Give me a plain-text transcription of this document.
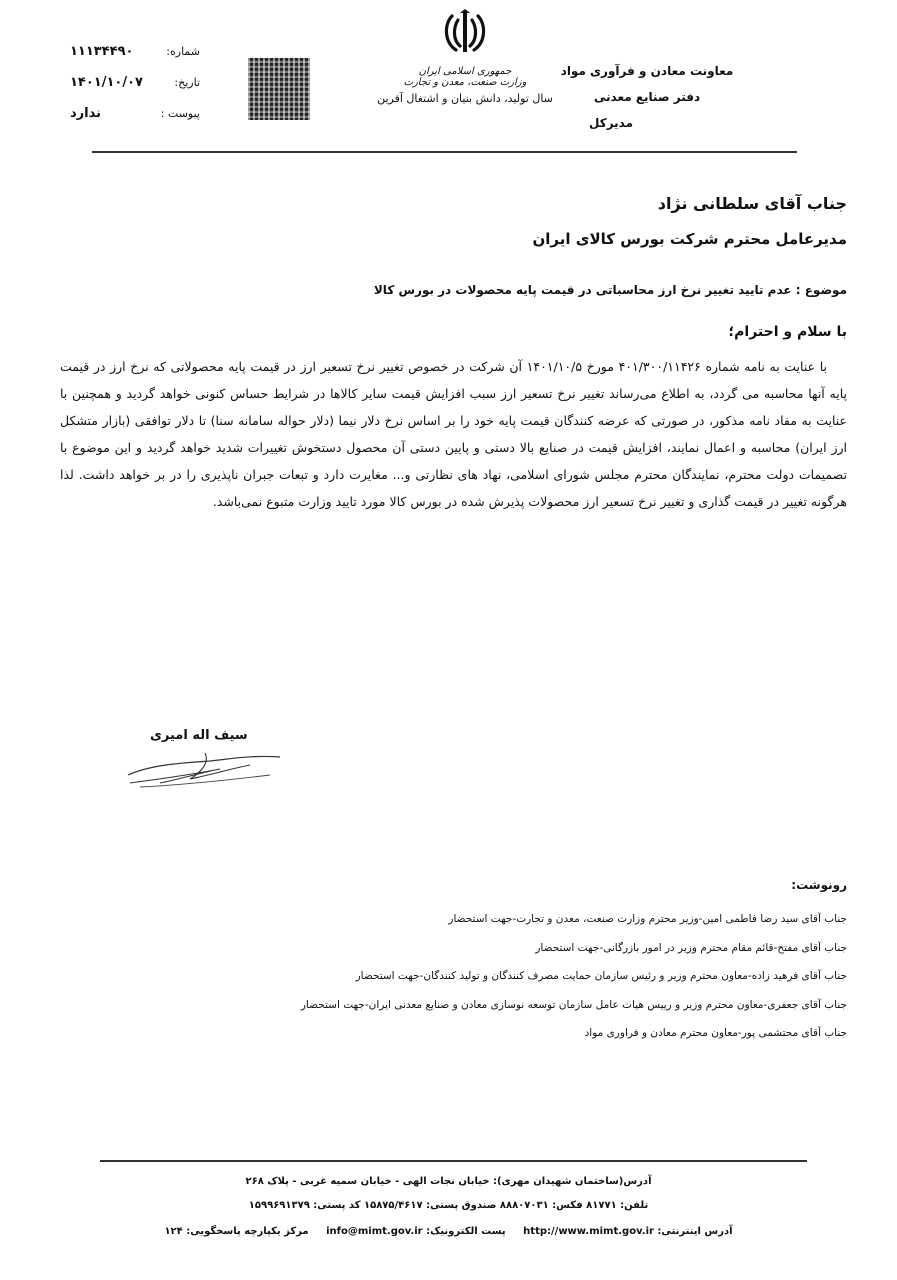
معاونت معادن و فرآوری مواد
دفتر صنایع معدنی
مدیرکل
جمهوری اسلامی ایران
وزارت صنعت، معدن و تجارت
سال تولید، دانش بنیان و اشتغال آفرین
شماره:
۱۱۱۳۴۴۹۰
تاریخ:
۱۴۰۱/۱۰/۰۷
پیوست :
ندارد
جناب آقای سلطانی نژاد
مدیرعامل محترم شرکت بورس کالای ایران
موضوع : عدم تایید تغییر نرخ ارز محاسباتی در قیمت پایه محصولات در بورس کالا
با سلام و احترام؛
با عنایت به نامه شماره ۴۰۱/۳۰۰/۱۱۴۲۶ مورخ ۱۴۰۱/۱۰/۵ آن شرکت در خصوص تغییر نرخ تسعیر ارز در قیمت پایه محصولاتی که نرخ ارز در قیمت پایه آنها محاسبه می گردد، به اطلاع می‌رساند تغییر نرخ تسعیر ارز سبب افزایش قیمت سایر کالاها در شرایط حساس کنونی خواهد گردید و همچنین با عنایت به مفاد نامه مذکور، در صورتی که عرضه کنندگان قیمت پایه خود را بر اساس نرخ دلار نیما (دلار حواله سامانه سنا) تا دلار توافقی (بازار متشکل ارز ایران) محاسبه و اعمال نمایند، افزایش قیمت در صنایع بالا دستی و پایین دستی آن محصول دستخوش تغییرات شدید خواهد گردید و این موضوع با تصمیمات دولت محترم، نمایندگان محترم مجلس شورای اسلامی، نهاد های نظارتی و... مغایرت دارد و تبعات جبران ناپذیری را در بر خواهد داشت. لذا هرگونه تغییر در قیمت گذاری و تغییر نرخ تسعیر ارز محصولات پذیرش شده در بورس کالا مورد تایید وزارت متبوع نمی‌باشد.
سیف اله امیری
رونوشت:
جناب آقای سید رضا فاطمی امین-وزیر محترم وزارت صنعت، معدن و تجارت-جهت استحضار
جناب آقای مفتح-قائم مقام محترم وزیر در امور بازرگانی-جهت استحضار
جناب آقای فرهید زاده-معاون محترم وزیر و رئیس سازمان حمایت مصرف کنندگان و تولید کنندگان-جهت استحضار
جناب آقای جعفری-معاون محترم وزیر و رییس هیات عامل سازمان توسعه نوسازی معادن و صنایع معدنی ایران-جهت استحضار
جناب آقای محتشمی پور-معاون محترم معادن و فراوری مواد
آدرس(ساختمان شهیدان مهری): خیابان نجات الهی - خیابان سمیه غربی - پلاک ۲۶۸
تلفن: ۸۱۷۷۱ فکس: ۸۸۸۰۷۰۳۱ صندوق پستی: ۱۵۸۷۵/۴۶۱۷ کد پستی: ۱۵۹۹۶۹۱۳۷۹
آدرس اینترنتی: http://www.mimt.gov.ir پست الکترونیک: info@mimt.gov.ir مرکز یکپارچه پاسخگویی: ۱۲۴
